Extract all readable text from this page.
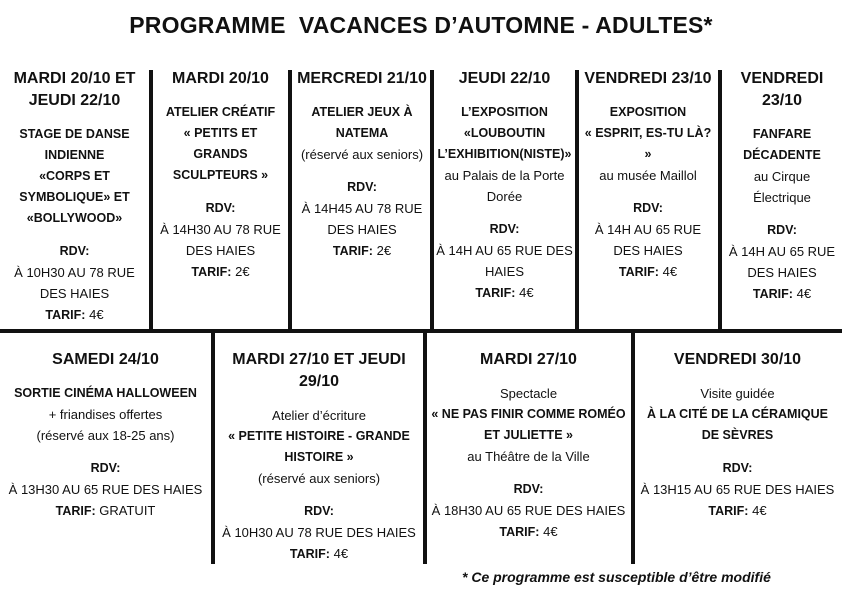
PROGRAMME  VACANCES D’AUTOMNE - ADULTES*
MARDI 20/10 ET JEUDI 22/10
STAGE DE DANSE INDIENNE
«CORPS ET SYMBOLIQUE» ET
«BOLLYWOOD»
RDV:
À 10H30 AU 78 RUE DES HAIES
TARIF: 4€
MARDI 20/10
ATELIER CRÉATIF
« PETITS ET GRANDS SCULPTEURS »
RDV:
À 14H30 AU 78 RUE DES HAIES
TARIF: 2€
MERCREDI 21/10
ATELIER JEUX À NATEMA
(réservé aux seniors)
RDV:
À 14H45 AU 78 RUE DES HAIES
TARIF: 2€
JEUDI 22/10
L’EXPOSITION «LOUBOUTIN L’EXHIBITION(NISTE)»
au Palais de la Porte Dorée
RDV:
À 14H AU 65 RUE DES HAIES
TARIF: 4€
VENDREDI 23/10
EXPOSITION
« ESPRIT, ES-TU LÀ? »
au musée Maillol
RDV:
À 14H AU 65 RUE DES HAIES
TARIF: 4€
VENDREDI 23/10
FANFARE DÉCADENTE
au Cirque Électrique
RDV:
À 14H AU 65 RUE DES HAIES
TARIF: 4€
SAMEDI 24/10
SORTIE CINÉMA HALLOWEEN
+ friandises offertes
(réservé aux 18-25 ans)
RDV:
À 13H30 AU 65 RUE DES HAIES
TARIF: GRATUIT
MARDI 27/10 ET JEUDI 29/10
Atelier d’écriture
« PETITE HISTOIRE - GRANDE HISTOIRE »
(réservé aux seniors)
RDV:
À 10H30 AU 78 RUE DES HAIES
TARIF: 4€
MARDI 27/10
Spectacle
« NE PAS FINIR COMME ROMÉO ET JULIETTE »
au Théâtre de la Ville
RDV:
À 18H30 AU 65 RUE DES HAIES
TARIF: 4€
VENDREDI 30/10
Visite guidée
À LA CITÉ DE LA CÉRAMIQUE DE SÈVRES
RDV:
À 13H15 AU 65 RUE DES HAIES
TARIF: 4€
* Ce programme est susceptible d’être modifié
